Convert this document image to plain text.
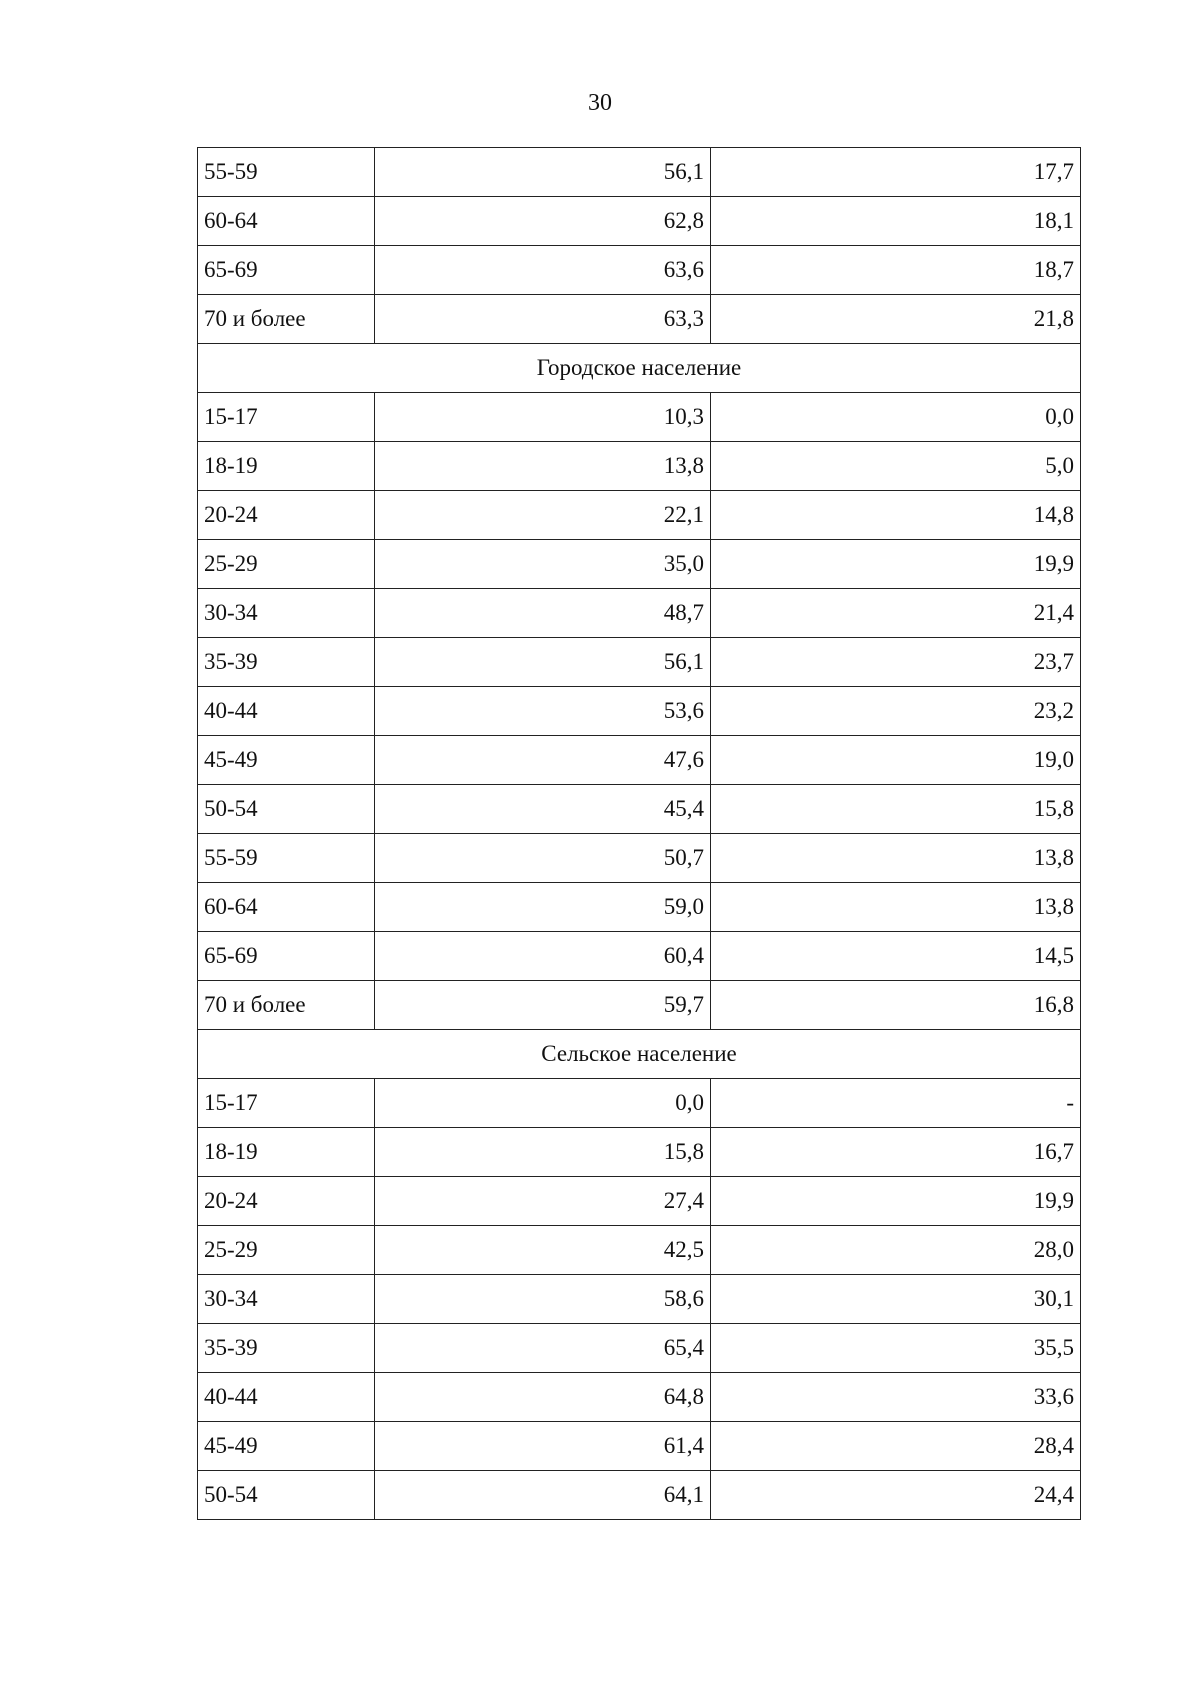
30
55-59	56,1	17,7
60-64	62,8	18,1
65-69	63,6	18,7
70 и более	63,3	21,8
Городское население		
15-17	10,3	0,0
18-19	13,8	5,0
20-24	22,1	14,8
25-29	35,0	19,9
30-34	48,7	21,4
35-39	56,1	23,7
40-44	53,6	23,2
45-49	47,6	19,0
50-54	45,4	15,8
55-59	50,7	13,8
60-64	59,0	13,8
65-69	60,4	14,5
70 и более	59,7	16,8
Сельское население		
15-17	0,0	-
18-19	15,8	16,7
20-24	27,4	19,9
25-29	42,5	28,0
30-34	58,6	30,1
35-39	65,4	35,5
40-44	64,8	33,6
45-49	61,4	28,4
50-54	64,1	24,4
